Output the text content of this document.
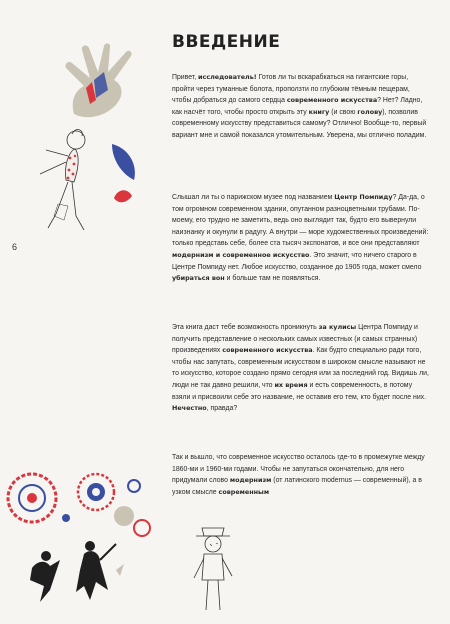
ВВЕДЕНИЕ

Привет, исследователь! Готов ли ты вскарабкаться на гигантские горы, пройти через туманные болота, проползти по глубоким тёмным пещерам, чтобы добраться до самого сердца современного искусства? Нет? Ладно, как насчёт того, чтобы просто открыть эту книгу (и свою голову), позволив современному искусству представиться самому? Отлично! Вообще-то, первый вариант мне и самой показался утомительным. Уверена, мы отлично поладим.

Слышал ли ты о парижском музее под названием Центр Помпиду? Да-да, о том огромном современном здании, опутанном разноцветными трубами. По-моему, его трудно не заметить, ведь оно выглядит так, будто его вывернули наизнанку и окунули в радугу. А внутри — море художественных произведений: только представь себе, более ста тысяч экспонатов, и все они представляют модернизм и современное искусство. Это значит, что ничего старого в Центре Помпиду нет. Любое искусство, созданное до 1905 года, может смело убираться вон и больше там не появляться.

Эта книга даст тебе возможность проникнуть за кулисы Центра Помпиду и получить представление о нескольких самых известных (и самых странных) произведениях современного искусства. Как будто специально ради того, чтобы нас запутать, современным искусством в широком смысле называют не то искусство, которое создано прямо сегодня или за последний год. Видишь ли, люди не так давно решили, что их время и есть современность, в потому взяли и присвоили себе это название, не оставив его тем, кто будет после них. Нечестно, правда?

Так и вышло, что современное искусство осталось где-то в промежутке между 1860-ми и 1960-ми годами. Чтобы не запутаться окончательно, для него придумали слово модернизм (от латинского modernus — современный), а в узком смысле современным

6
